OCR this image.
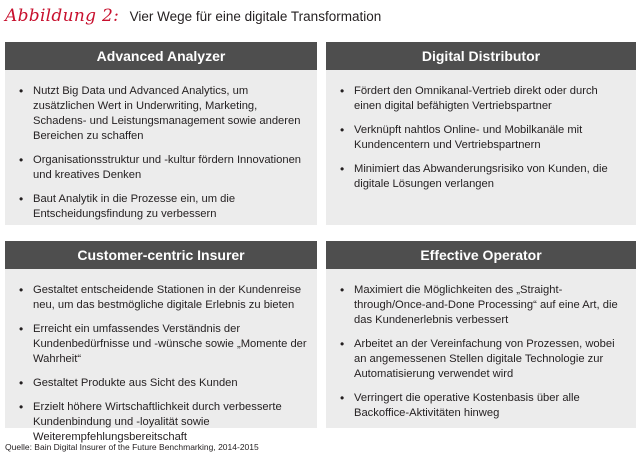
Abbildung 2: Vier Wege für eine digitale Transformation
Advanced Analyzer
• Nutzt Big Data und Advanced Analytics, um zusätzlichen Wert in Underwriting, Marketing, Schadens- und Leistungsmanagement sowie anderen Bereichen zu schaffen
• Organisationsstruktur und -kultur fördern Innovationen und kreatives Denken
• Baut Analytik in die Prozesse ein, um die Entscheidungsfindung zu verbessern
Digital Distributor
• Fördert den Omnikanal-Vertrieb direkt oder durch einen digital befähigten Vertriebspartner
• Verknüpft nahtlos Online- und Mobilkanäle mit Kundencentern und Vertriebspartnern
• Minimiert das Abwanderungsrisiko von Kunden, die digitale Lösungen verlangen
Customer-centric Insurer
• Gestaltet entscheidende Stationen in der Kundenreise neu, um das bestmögliche digitale Erlebnis zu bieten
• Erreicht ein umfassendes Verständnis der Kundenbedürfnisse und -wünsche sowie „Momente der Wahrheit“
• Gestaltet Produkte aus Sicht des Kunden
• Erzielt höhere Wirtschaftlichkeit durch verbesserte Kundenbindung und -loyalität sowie Weiterempfehlungsbereitschaft
Effective Operator
• Maximiert die Möglichkeiten des „Straight-through/Once-and-Done Processing“ auf eine Art, die das Kundenerlebnis verbessert
• Arbeitet an der Vereinfachung von Prozessen, wobei an angemessenen Stellen digitale Technologie zur Automatisierung verwendet wird
• Verringert die operative Kostenbasis über alle Backoffice-Aktivitäten hinweg
Quelle: Bain Digital Insurer of the Future Benchmarking, 2014-2015
